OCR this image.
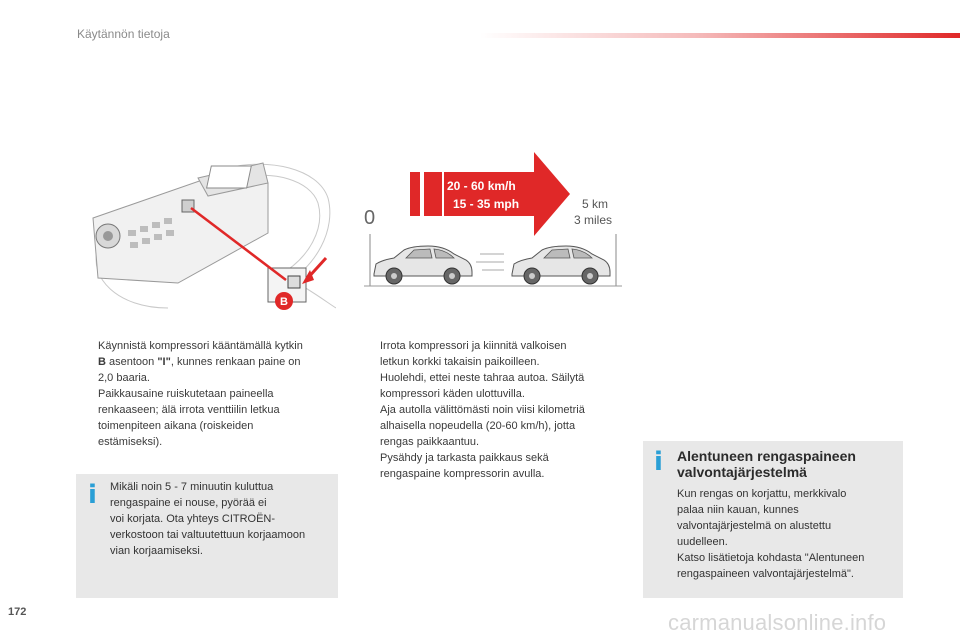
Käytännön tietoja
B
20 - 60 km/h
15 - 35 mph
0
5 km
3 miles
Käynnistä kompressori kääntämällä kytkin
B asentoon "I", kunnes renkaan paine on
2,0 baaria.
Paikkausaine ruiskutetaan paineella
renkaaseen; älä irrota venttiilin letkua
toimenpiteen aikana (roiskeiden
estämiseksi).
Irrota kompressori ja kiinnitä valkoisen
letkun korkki takaisin paikoilleen.
Huolehdi, ettei neste tahraa autoa. Säilytä
kompressori käden ulottuvilla.
Aja autolla välittömästi noin viisi kilometriä
alhaisella nopeudella (20-60 km/h), jotta
rengas paikkaantuu.
Pysähdy ja tarkasta paikkaus sekä
rengaspaine kompressorin avulla.
i Mikäli noin 5 - 7 minuutin kuluttua
rengaspaine ei nouse, pyörää ei
voi korjata. Ota yhteys CITROËN-
verkostoon tai valtuutettuun korjaamoon
vian korjaamiseksi.
i Alentuneen rengaspaineen
valvontajärjestelmä
Kun rengas on korjattu, merkkivalo
palaa niin kauan, kunnes
valvontajärjestelmä on alustettu
uudelleen.
Katso lisätietoja kohdasta "Alentuneen
rengaspaineen valvontajärjestelmä".
172	carmanualsonline.info
